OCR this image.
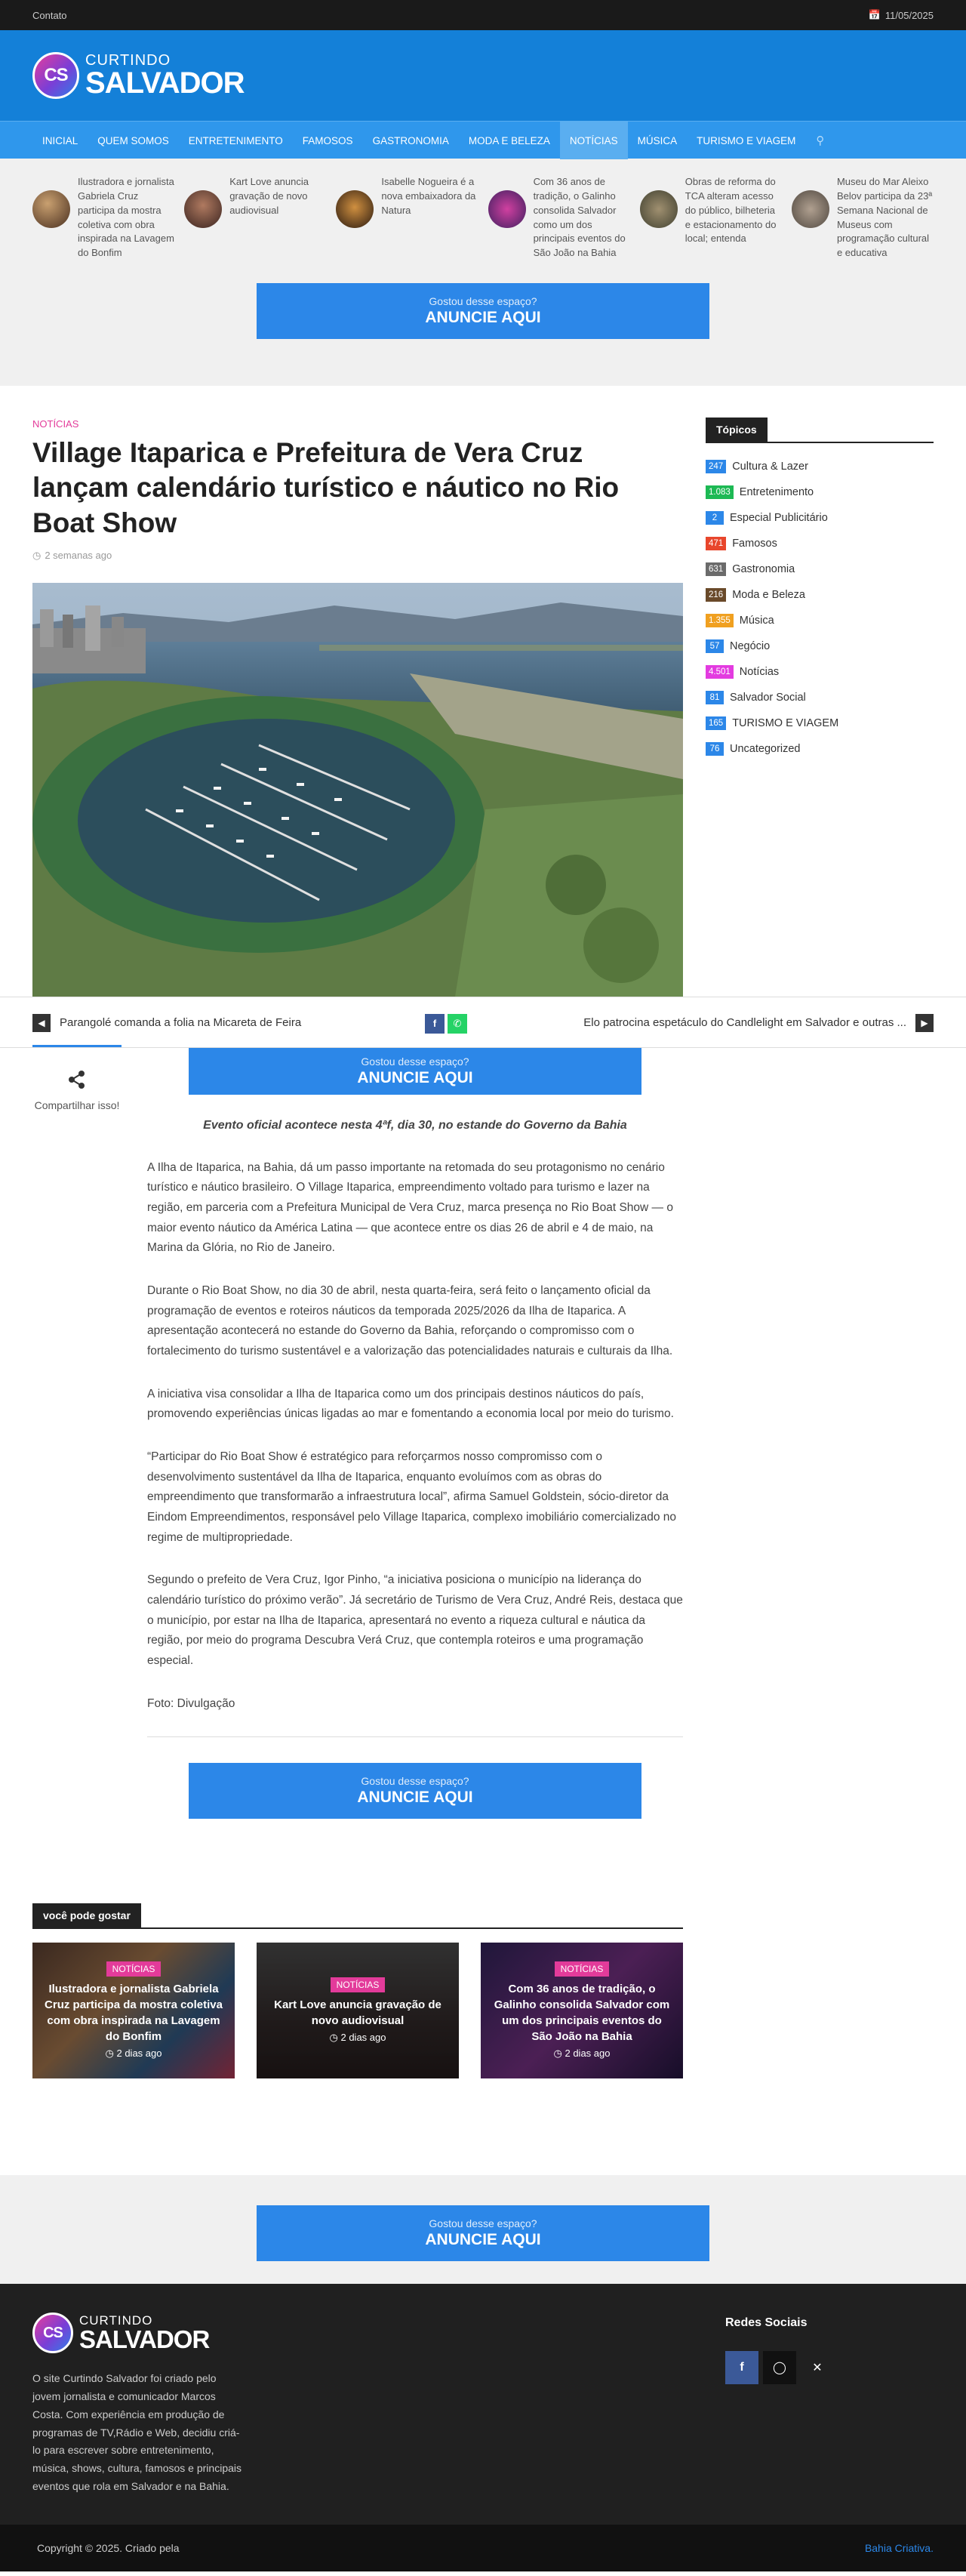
Contato	📅 11/05/2025
CS
CURTINDO
SALVADOR
INICIAL	QUEM SOMOS	ENTRETENIMENTO	FAMOSOS	GASTRONOMIA	MODA E BELEZA	NOTÍCIAS	MÚSICA	TURISMO E VIAGEM	⚲
Ilustradora e jornalista Gabriela Cruz participa da mostra coletiva com obra inspirada na Lavagem do Bonfim
Kart Love anuncia gravação de novo audiovisual
Isabelle Nogueira é a nova embaixadora da Natura
Com 36 anos de tradição, o Galinho consolida Salvador como um dos principais eventos do São João na Bahia
Obras de reforma do TCA alteram acesso do público, bilheteria e estacionamento do local; entenda
Museu do Mar Aleixo Belov participa da 23ª Semana Nacional de Museus com programação cultural e educativa
Gostou desse espaço?
ANUNCIE AQUI
NOTÍCIAS
Village Itaparica e Prefeitura de Vera Cruz lançam calendário turístico e náutico no Rio Boat Show
◷ 2 semanas ago
Tópicos
247 Cultura & Lazer
1.083 Entretenimento
2	Especial Publicitário
471 Famosos
631 Gastronomia
216 Moda e Beleza
1.355 Música
57 Negócio
4.501 Notícias
81 Salvador Social
165 TURISMO E VIAGEM
76 Uncategorized
◀	Parangolé comanda a folia na Micareta de Feira	f	✆	Elo patrocina espetáculo do Candlelight em Salvador e outras ...	▶
Compartilhar isso!
Gostou desse espaço?
ANUNCIE AQUI

Evento oficial acontece nesta 4ªf, dia 30, no estande do Governo da Bahia

A Ilha de Itaparica, na Bahia, dá um passo importante na retomada do seu protagonismo no cenário turístico e náutico brasileiro. O Village Itaparica, empreendimento voltado para turismo e lazer na região, em parceria com a Prefeitura Municipal de Vera Cruz, marca presença no Rio Boat Show — o maior evento náutico da América Latina — que acontece entre os dias 26 de abril e 4 de maio, na Marina da Glória, no Rio de Janeiro.

Durante o Rio Boat Show, no dia 30 de abril, nesta quarta-feira, será feito o lançamento oficial da programação de eventos e roteiros náuticos da temporada 2025/2026 da Ilha de Itaparica. A apresentação acontecerá no estande do Governo da Bahia, reforçando o compromisso com o fortalecimento do turismo sustentável e a valorização das potencialidades naturais e culturais da Ilha.

A iniciativa visa consolidar a Ilha de Itaparica como um dos principais destinos náuticos do país, promovendo experiências únicas ligadas ao mar e fomentando a economia local por meio do turismo.

“Participar do Rio Boat Show é estratégico para reforçarmos nosso compromisso com o desenvolvimento sustentável da Ilha de Itaparica, enquanto evoluímos com as obras do empreendimento que transformarão a infraestrutura local”, afirma Samuel Goldstein, sócio-diretor da Eindom Empreendimentos, responsável pelo Village Itaparica, complexo imobiliário comercializado no regime de multipropriedade.

Segundo o prefeito de Vera Cruz, Igor Pinho, “a iniciativa posiciona o município na liderança do calendário turístico do próximo verão”. Já secretário de Turismo de Vera Cruz, André Reis, destaca que o município, por estar na Ilha de Itaparica, apresentará no evento a riqueza cultural e náutica da região, por meio do programa Descubra Verá Cruz, que contempla roteiros e uma programação especial.

Foto: Divulgação

Gostou desse espaço?
ANUNCIE AQUI
você pode gostar
NOTÍCIAS
Ilustradora e jornalista Gabriela Cruz participa da mostra coletiva com obra inspirada na Lavagem do Bonfim
◷ 2 dias ago
NOTÍCIAS
Kart Love anuncia gravação de novo audiovisual
◷ 2 dias ago
NOTÍCIAS
Com 36 anos de tradição, o Galinho consolida Salvador com um dos principais eventos do São João na Bahia
◷ 2 dias ago
Gostou desse espaço?
ANUNCIE AQUI
CS
CURTINDO
SALVADOR

O site Curtindo Salvador foi criado pelo jovem jornalista e comunicador Marcos Costa. Com experiência em produção de programas de TV,Rádio e Web, decidiu criá-lo para escrever sobre entretenimento, música, shows, cultura, famosos e principais eventos que rola em Salvador e na Bahia.

Redes Sociais
f	◯	✕
Copyright © 2025. Criado pela
	Bahia Criativa.
